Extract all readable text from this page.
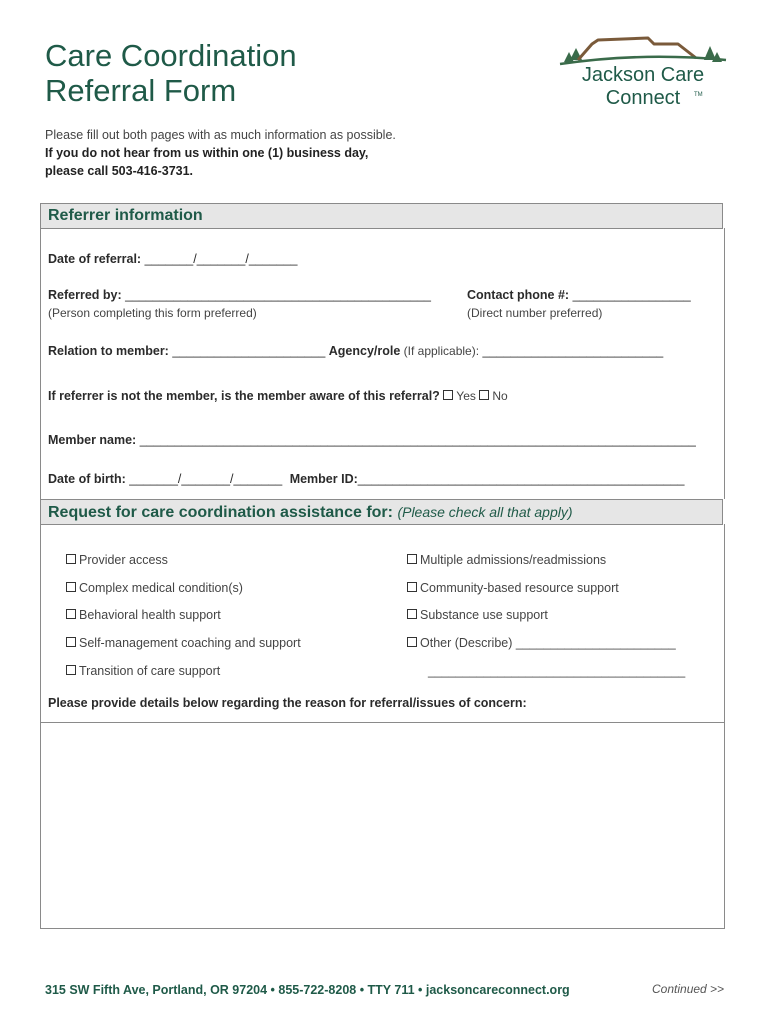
Care Coordination
Referral Form	Jackson Care
Connect	TM
Please fill out both pages with as much information as possible.
If you do not hear from us within one (1) business day,
please call 503-416-3731.
Referrer information
Date of referral: _______/_______/_______
Referred by: ____________________________________________
(Person completing this form preferred)
Contact phone #: _________________
(Direct number preferred)
Relation to member: ______________________ Agency/role (If applicable): __________________________
If referrer is not the member, is the member aware of this referral? Yes No
Member name: ________________________________________________________________________________
Date of birth: _______/_______/_______ Member ID:_______________________________________________
Request for care coordination assistance for: (Please check all that apply)
Provider access
Complex medical condition(s)
Behavioral health support
Self-management coaching and support
Transition of care support
Multiple admissions/readmissions
Community-based resource support
Substance use support
Other (Describe) _______________________
_____________________________________
Please provide details below regarding the reason for referral/issues of concern:
315 SW Fifth Ave, Portland, OR 97204 • 855-722-8208 • TTY 711 • jacksoncareconnect.org	Continued >>
